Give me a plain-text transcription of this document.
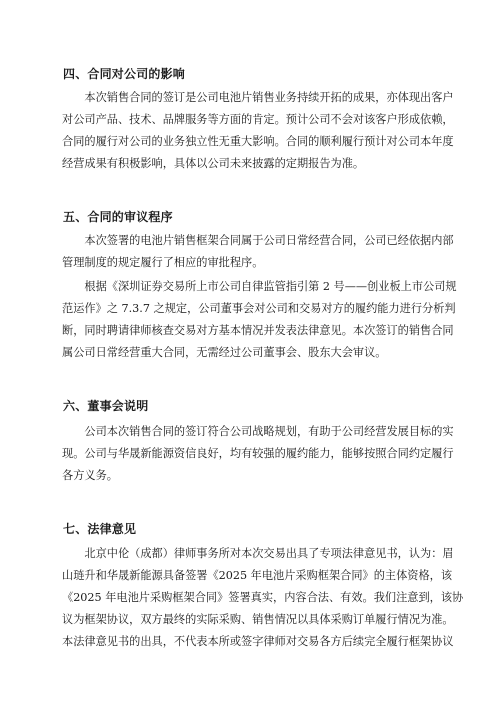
四、合同对公司的影响
　　本次销售合同的签订是公司电池片销售业务持续开拓的成果，亦体现出客户
对公司产品、技术、品牌服务等方面的肯定。预计公司不会对该客户形成依赖，
合同的履行对公司的业务独立性无重大影响。合同的顺利履行预计对公司本年度
经营成果有积极影响，具体以公司未来披露的定期报告为准。
五、合同的审议程序
　　本次签署的电池片销售框架合同属于公司日常经营合同，公司已经依据内部
管理制度的规定履行了相应的审批程序。
　　根据《深圳证券交易所上市公司自律监管指引第 2 号——创业板上市公司规
范运作》之 7.3.7 之规定，公司董事会对公司和交易对方的履约能力进行分析判
断，同时聘请律师核查交易对方基本情况并发表法律意见。本次签订的销售合同
属公司日常经营重大合同，无需经过公司董事会、股东大会审议。
六、董事会说明
　　公司本次销售合同的签订符合公司战略规划，有助于公司经营发展目标的实
现。公司与华晟新能源资信良好，均有较强的履约能力，能够按照合同约定履行
各方义务。
七、法律意见
　　北京中伦（成都）律师事务所对本次交易出具了专项法律意见书，认为：眉
山琏升和华晟新能源具备签署《2025 年电池片采购框架合同》的主体资格，该
《2025 年电池片采购框架合同》签署真实，内容合法、有效。我们注意到，该协
议为框架协议，双方最终的实际采购、销售情况以具体采购订单履行情况为准。
本法律意见书的出具，不代表本所或签字律师对交易各方后续完全履行框架协议
